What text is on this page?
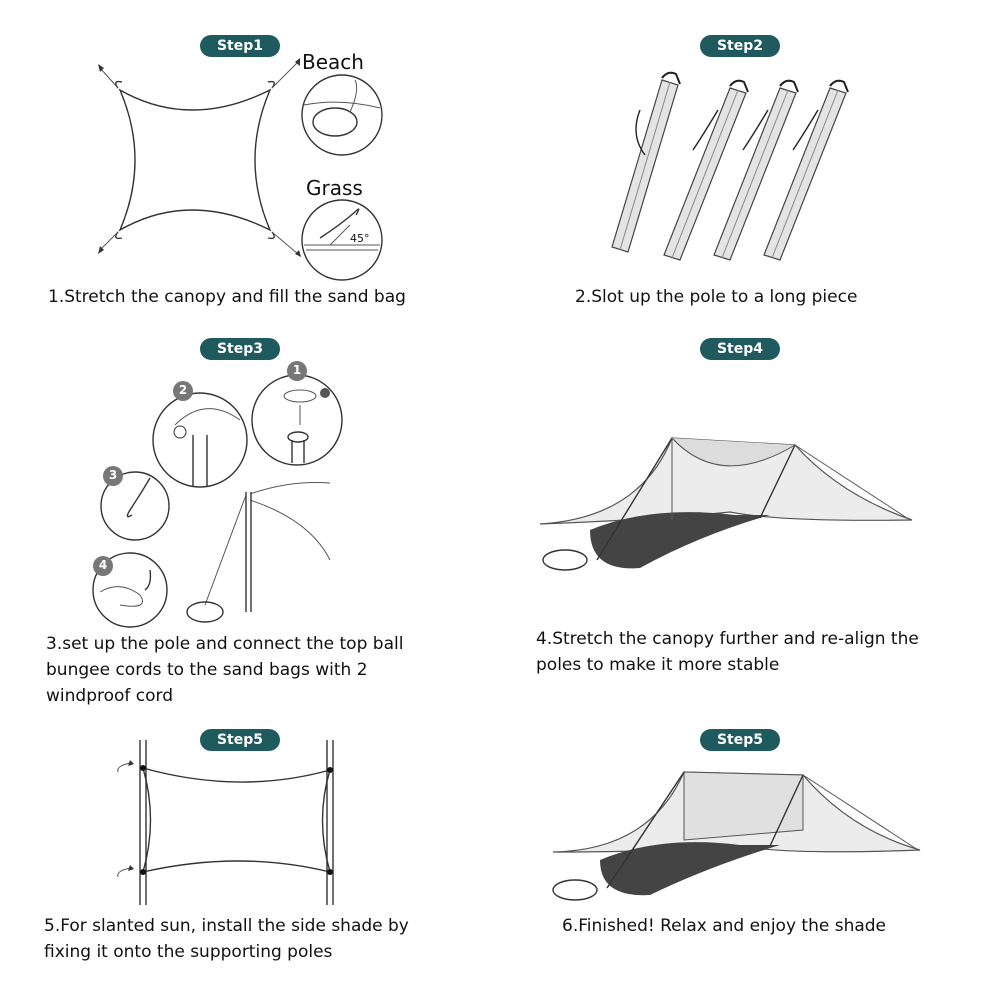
Step1
Beach
Grass
45°
1.Stretch the canopy and fill the sand bag
Step2
2.Slot up the pole to a long piece
Step3
1
2
3
4
3.set up the pole and connect the top ball
bungee cords to the sand bags with 2
windproof cord
Step4
4.Stretch the canopy further and re-align the
poles to make it more stable
Step5
5.For slanted sun, install the side shade by
fixing it onto the supporting poles
Step5
6.Finished! Relax and enjoy the shade
